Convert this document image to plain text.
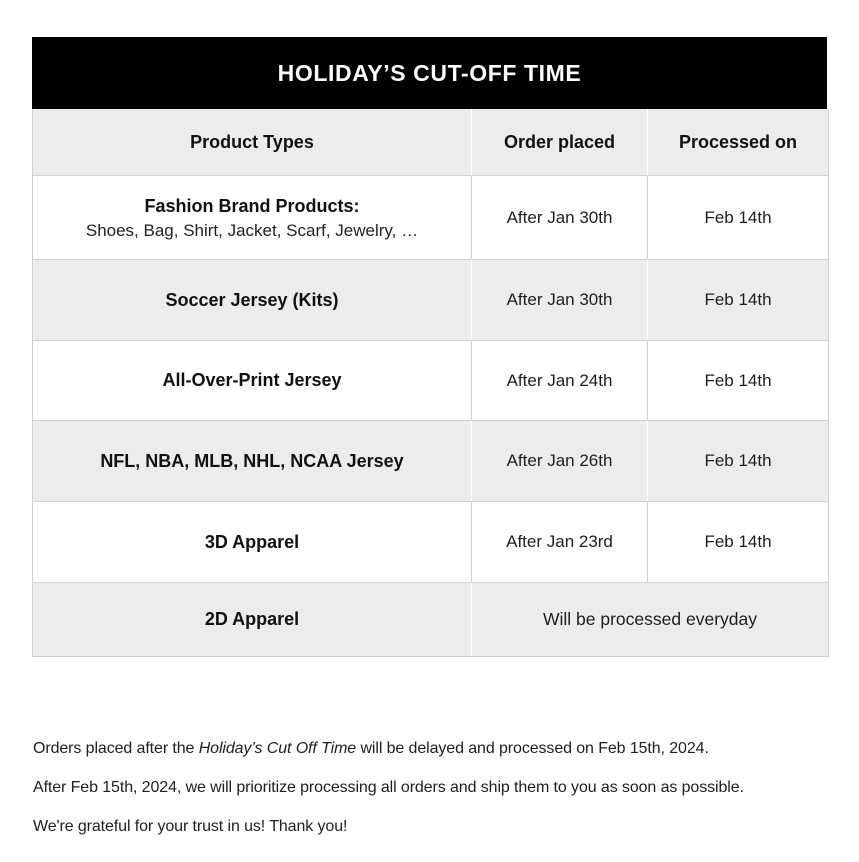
HOLIDAY’S CUT-OFF TIME
Product Types	Order placed	Processed on

Fashion Brand Products:
Shoes, Bag, Shirt, Jacket, Scarf, Jewelry, …	After Jan 30th	Feb 14th

Soccer Jersey (Kits)	After Jan 30th	Feb 14th

All-Over-Print Jersey	After Jan 24th	Feb 14th

NFL, NBA, MLB, NHL, NCAA Jersey	After Jan 26th	Feb 14th

3D Apparel	After Jan 23rd	Feb 14th

2D Apparel	Will be processed everyday	

Orders placed after the Holiday’s Cut Off Time will be delayed and processed on Feb 15th, 2024.

After Feb 15th, 2024, we will prioritize processing all orders and ship them to you as soon as possible.

We're grateful for your trust in us! Thank you!
